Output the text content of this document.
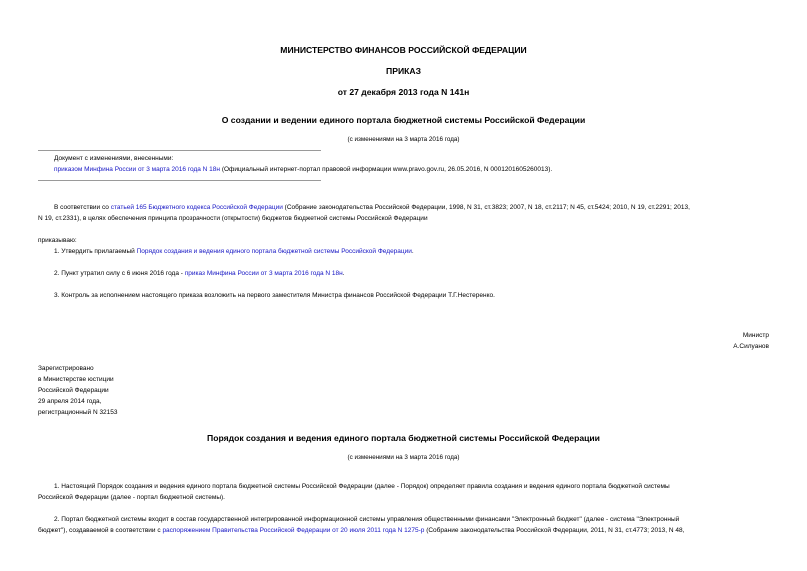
МИНИСТЕРСТВО ФИНАНСОВ РОССИЙСКОЙ ФЕДЕРАЦИИ
ПРИКАЗ
от 27 декабря 2013 года N 141н
О создании и ведении единого портала бюджетной системы Российской Федерации
(с изменениями на 3 марта 2016 года)
Документ с изменениями, внесенными:
приказом Минфина России от 3 марта 2016 года N 18н (Официальный интернет-портал правовой информации www.pravo.gov.ru, 26.05.2016, N 0001201605260013).
В соответствии со статьей 165 Бюджетного кодекса Российской Федерации (Собрание законодательства Российской Федерации, 1998, N 31, ст.3823; 2007, N 18, ст.2117; N 45, ст.5424; 2010, N 19, ст.2291; 2013,
N 19, ст.2331), в целях обеспечения принципа прозрачности (открытости) бюджетов бюджетной системы Российской Федерации
приказываю:
1. Утвердить прилагаемый Порядок создания и ведения единого портала бюджетной системы Российской Федерации.
2. Пункт утратил силу с 6 июня 2016 года - приказ Минфина России от 3 марта 2016 года N 18н.
3. Контроль за исполнением настоящего приказа возложить на первого заместителя Министра финансов Российской Федерации Т.Г.Нестеренко.
Министр
А.Силуанов
Зарегистрировано
в Министерстве юстиции
Российской Федерации
29 апреля 2014 года,
регистрационный N 32153
Порядок создания и ведения единого портала бюджетной системы Российской Федерации
(с изменениями на 3 марта 2016 года)
1. Настоящий Порядок создания и ведения единого портала бюджетной системы Российской Федерации (далее - Порядок) определяет правила создания и ведения единого портала бюджетной системы
Российской Федерации (далее - портал бюджетной системы).
2. Портал бюджетной системы входит в состав государственной интегрированной информационной системы управления общественными финансами "Электронный бюджет" (далее - система "Электронный
бюджет"), создаваемой в соответствии с распоряжением Правительства Российской Федерации от 20 июля 2011 года N 1275-р (Собрание законодательства Российской Федерации, 2011, N 31, ст.4773; 2013, N 48,
